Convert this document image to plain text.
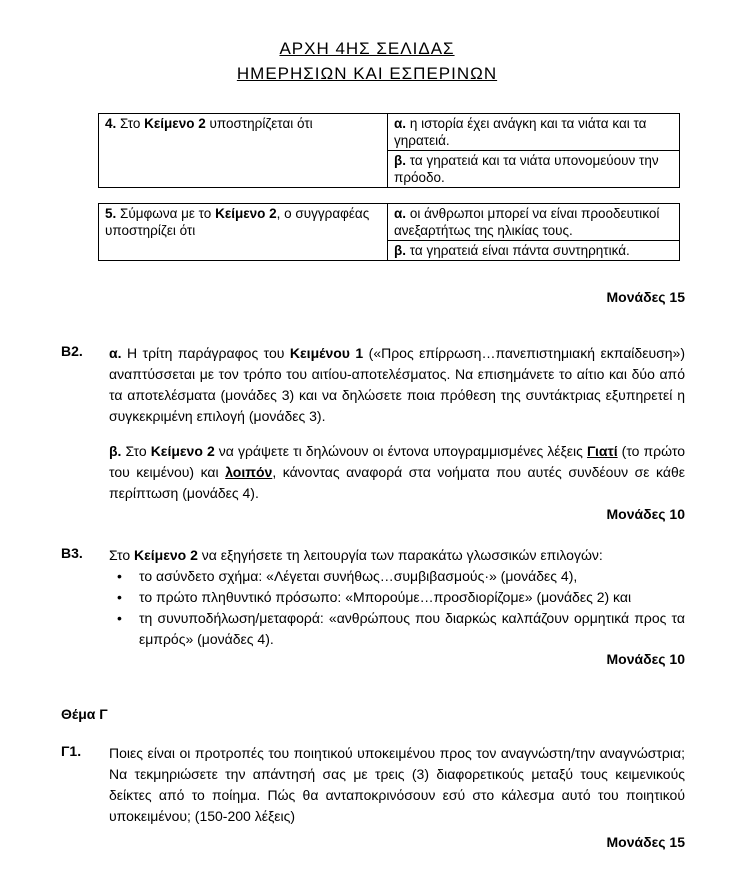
ΑΡΧΗ 4ΗΣ ΣΕΛΙΔΑΣ
ΗΜΕΡΗΣΙΩΝ ΚΑΙ ΕΣΠΕΡΙΝΩΝ
4. Στο Κείμενο 2 υποστηρίζεται ότι	α. η ιστορία έχει ανάγκη και τα νιάτα και τα γηρατειά.
β. τα γηρατειά και τα νιάτα υπονομεύουν την πρόοδο.
5. Σύμφωνα με το Κείμενο 2, ο συγγραφέας υποστηρίζει ότι	α. οι άνθρωποι μπορεί να είναι προοδευτικοί ανεξαρτήτως της ηλικίας τους.
β. τα γηρατειά είναι πάντα συντηρητικά.
Μονάδες 15
Β2. α. Η τρίτη παράγραφος του Κειμένου 1 («Προς επίρρωση…πανεπιστημιακή εκπαίδευση») αναπτύσσεται με τον τρόπο του αιτίου-αποτελέσματος. Να επισημάνετε το αίτιο και δύο από τα αποτελέσματα (μονάδες 3) και να δηλώσετε ποια πρόθεση της συντάκτριας εξυπηρετεί η συγκεκριμένη επιλογή (μονάδες 3).
β. Στο Κείμενο 2 να γράψετε τι δηλώνουν οι έντονα υπογραμμισμένες λέξεις Γιατί (το πρώτο του κειμένου) και λοιπόν, κάνοντας αναφορά στα νοήματα που αυτές συνδέουν σε κάθε περίπτωση (μονάδες 4).
Μονάδες 10
Β3. Στο Κείμενο 2 να εξηγήσετε τη λειτουργία των παρακάτω γλωσσικών επιλογών:
• το ασύνδετο σχήμα: «Λέγεται συνήθως…συμβιβασμούς·» (μονάδες 4),
• το πρώτο πληθυντικό πρόσωπο: «Μπορούμε…προσδιορίζομε» (μονάδες 2) και
• τη συνυποδήλωση/μεταφορά: «ανθρώπους που διαρκώς καλπάζουν ορμητικά προς τα εμπρός» (μονάδες 4).
Μονάδες 10
Θέμα Γ
Γ1. Ποιες είναι οι προτροπές του ποιητικού υποκειμένου προς τον αναγνώστη/την αναγνώστρια; Να τεκμηριώσετε την απάντησή σας με τρεις (3) διαφορετικούς μεταξύ τους κειμενικούς δείκτες από το ποίημα. Πώς θα ανταποκρινόσουν εσύ στο κάλεσμα αυτό του ποιητικού υποκειμένου; (150-200 λέξεις)
Μονάδες 15
